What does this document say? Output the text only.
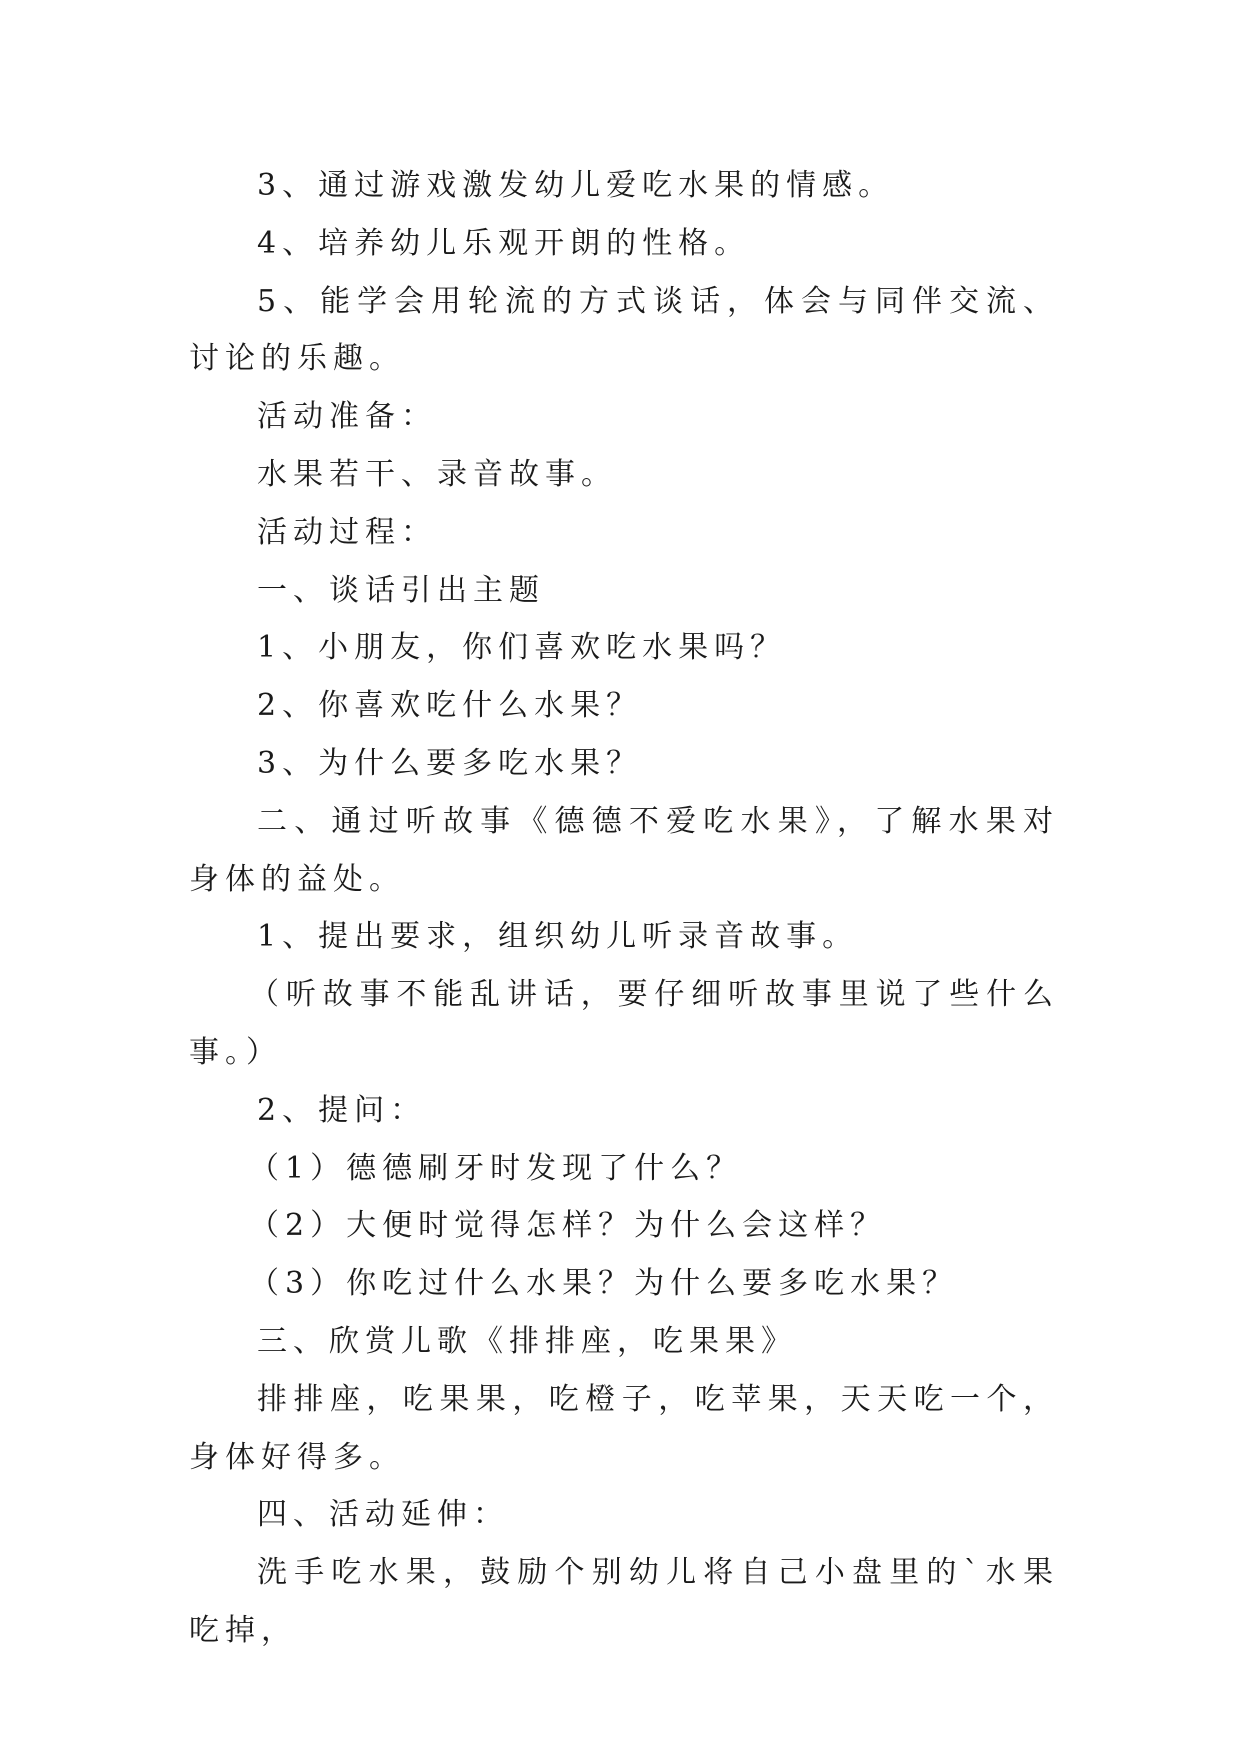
3、通过游戏激发幼儿爱吃水果的情感。

4、培养幼儿乐观开朗的性格。

5、能学会用轮流的方式谈话，体会与同伴交流、讨论的乐趣。

活动准备：

水果若干、录音故事。

活动过程：

一、谈话引出主题

1、小朋友，你们喜欢吃水果吗？

2、你喜欢吃什么水果？

3、为什么要多吃水果？

二、通过听故事《德德不爱吃水果》，了解水果对身体的益处。

1、提出要求，组织幼儿听录音故事。

（听故事不能乱讲话，要仔细听故事里说了些什么事。）

2、提问：

（1）德德刷牙时发现了什么？

（2）大便时觉得怎样？为什么会这样？

（3）你吃过什么水果？为什么要多吃水果？

三、欣赏儿歌《排排座，吃果果》

排排座，吃果果，吃橙子，吃苹果，天天吃一个，身体好得多。

四、活动延伸：

洗手吃水果，鼓励个别幼儿将自己小盘里的`水果吃掉，
